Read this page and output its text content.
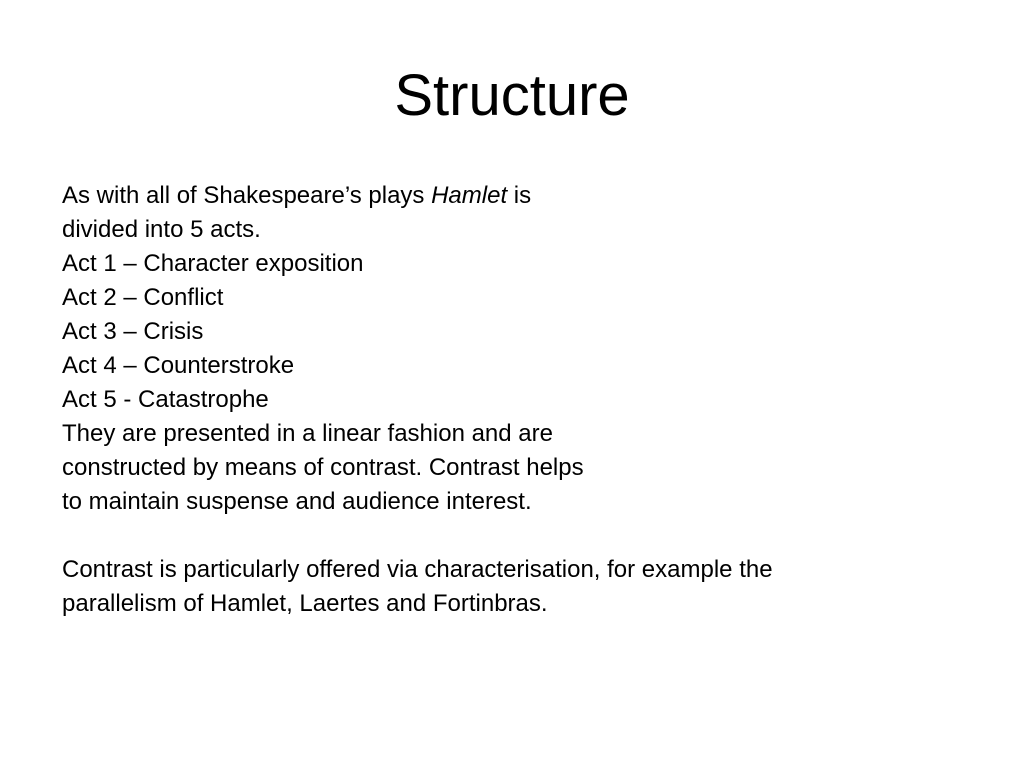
Structure
As with all of Shakespeare’s plays Hamlet is
divided into 5 acts.
Act 1 – Character exposition
Act 2 – Conflict
Act 3 – Crisis
Act 4 – Counterstroke
Act 5 - Catastrophe
They are presented in a linear fashion and are
constructed by means of contrast. Contrast helps
to maintain suspense and audience interest.
Contrast is particularly offered via characterisation, for example the
parallelism of Hamlet, Laertes and Fortinbras.
